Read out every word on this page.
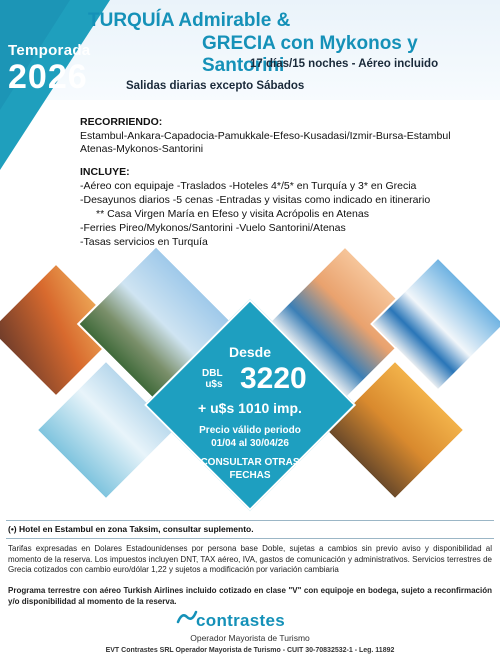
Temporada
2026
TURQUÍA Admirable &
GRECIA con Mykonos y Santorini
17 días/15 noches - Aéreo incluido
Salidas diarias excepto Sábados
RECORRIENDO:
Estambul-Ankara-Capadocia-Pamukkale-Efeso-Kusadasi/Izmir-Bursa-Estambul
Atenas-Mykonos-Santorini
INCLUYE:
-Aéreo con equipaje -Traslados -Hoteles 4*/5* en Turquía y 3* en Grecia
-Desayunos diarios -5 cenas -Entradas y visitas como indicado en itinerario
** Casa Virgen María en Efeso y visita Acrópolis en Atenas
-Ferries Pireo/Mykonos/Santorini -Vuelo Santorini/Atenas
-Tasas servicios en Turquía
Desde
DBL
u$s 3220
+ u$s 1010 imp.
Precio válido periodo
01/04 al 30/04/26
CONSULTAR OTRAS
FECHAS
(•) Hotel en Estambul en zona Taksim, consultar suplemento.
Tarifas expresadas en Dolares Estadounidenses por persona base Doble, sujetas a cambios sin previo aviso y disponibilidad al momento de la reserva. Los impuestos incluyen DNT, TAX aéreo, IVA, gastos de comunicación y administrativos. Servicios terrestres de Grecia cotizados con cambio euro/dólar 1,22 y sujetos a modificación por variación cambiaria
Programa terrestre con aéreo Turkish Airlines incluido cotizado en clase "V" con equipoje en bodega, sujeto a reconfirmación y/o disponibilidad al momento de la reserva.
contrastes
Operador Mayorista de Turismo
EVT Contrastes SRL Operador Mayorista de Turismo - CUIT 30-70832532-1 - Leg. 11892
